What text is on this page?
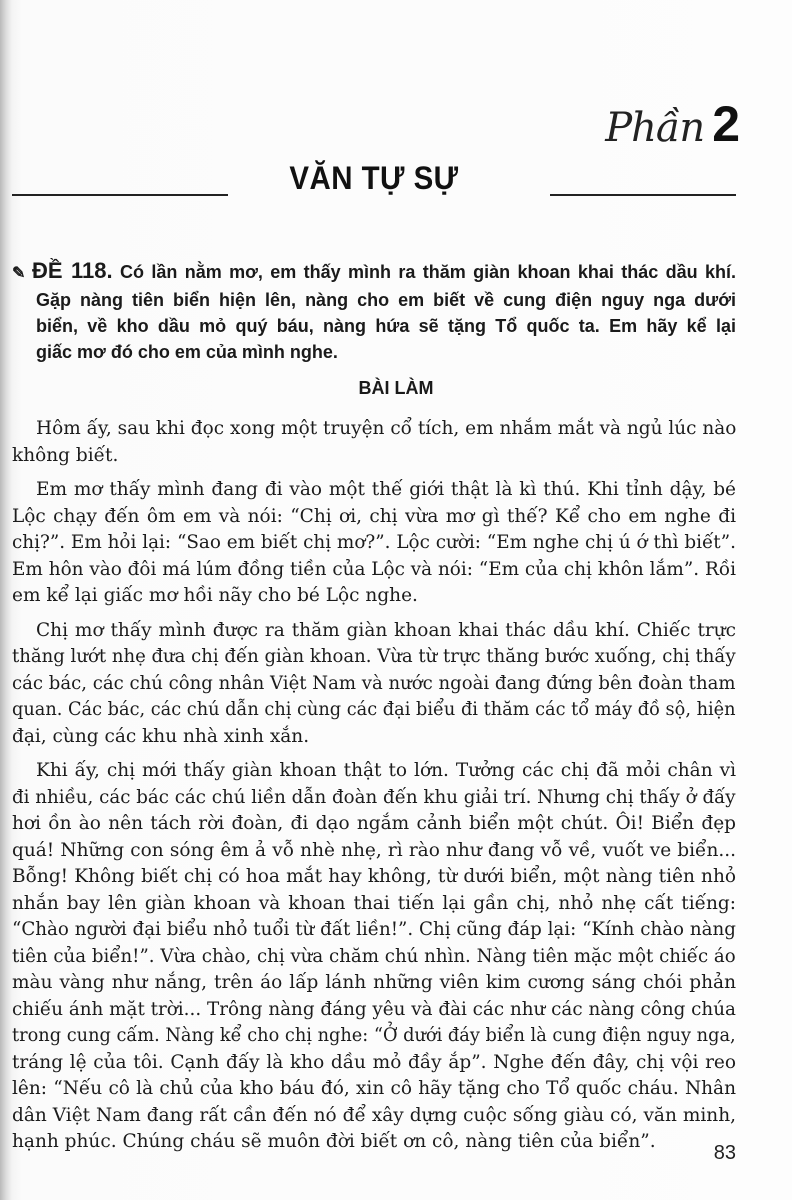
Phần 2
VĂN TỰ SỰ
✎ ĐỀ 118. Có lần nằm mơ, em thấy mình ra thăm giàn khoan khai thác dầu khí.
Gặp nàng tiên biển hiện lên, nàng cho em biết về cung điện nguy nga dưới
biển, về kho dầu mỏ quý báu, nàng hứa sẽ tặng Tổ quốc ta. Em hãy kể lại
giấc mơ đó cho em của mình nghe.
BÀI LÀM
Hôm ấy, sau khi đọc xong một truyện cổ tích, em nhắm mắt và ngủ lúc nào
không biết.
Em mơ thấy mình đang đi vào một thế giới thật là kì thú. Khi tỉnh dậy, bé
Lộc chạy đến ôm em và nói: “Chị ơi, chị vừa mơ gì thế? Kể cho em nghe đi
chị?”. Em hỏi lại: “Sao em biết chị mơ?”. Lộc cười: “Em nghe chị ú ớ thì biết”.
Em hôn vào đôi má lúm đồng tiền của Lộc và nói: “Em của chị khôn lắm”. Rồi
em kể lại giấc mơ hồi nãy cho bé Lộc nghe.
Chị mơ thấy mình được ra thăm giàn khoan khai thác dầu khí. Chiếc trực
thăng lướt nhẹ đưa chị đến giàn khoan. Vừa từ trực thăng bước xuống, chị thấy
các bác, các chú công nhân Việt Nam và nước ngoài đang đứng bên đoàn tham
quan. Các bác, các chú dẫn chị cùng các đại biểu đi thăm các tổ máy đồ sộ, hiện
đại, cùng các khu nhà xinh xắn.
Khi ấy, chị mới thấy giàn khoan thật to lớn. Tưởng các chị đã mỏi chân vì
đi nhiều, các bác các chú liền dẫn đoàn đến khu giải trí. Nhưng chị thấy ở đấy
hơi ồn ào nên tách rời đoàn, đi dạo ngắm cảnh biển một chút. Ôi! Biển đẹp
quá! Những con sóng êm ả vỗ nhè nhẹ, rì rào như đang vỗ về, vuốt ve biển...
Bỗng! Không biết chị có hoa mắt hay không, từ dưới biển, một nàng tiên nhỏ
nhắn bay lên giàn khoan và khoan thai tiến lại gần chị, nhỏ nhẹ cất tiếng:
“Chào người đại biểu nhỏ tuổi từ đất liền!”. Chị cũng đáp lại: “Kính chào nàng
tiên của biển!”. Vừa chào, chị vừa chăm chú nhìn. Nàng tiên mặc một chiếc áo
màu vàng như nắng, trên áo lấp lánh những viên kim cương sáng chói phản
chiếu ánh mặt trời... Trông nàng đáng yêu và đài các như các nàng công chúa
trong cung cấm. Nàng kể cho chị nghe: “Ở dưới đáy biển là cung điện nguy nga,
tráng lệ của tôi. Cạnh đấy là kho dầu mỏ đầy ắp”. Nghe đến đây, chị vội reo
lên: “Nếu cô là chủ của kho báu đó, xin cô hãy tặng cho Tổ quốc cháu. Nhân
dân Việt Nam đang rất cần đến nó để xây dựng cuộc sống giàu có, văn minh,
hạnh phúc. Chúng cháu sẽ muôn đời biết ơn cô, nàng tiên của biển”.
83
